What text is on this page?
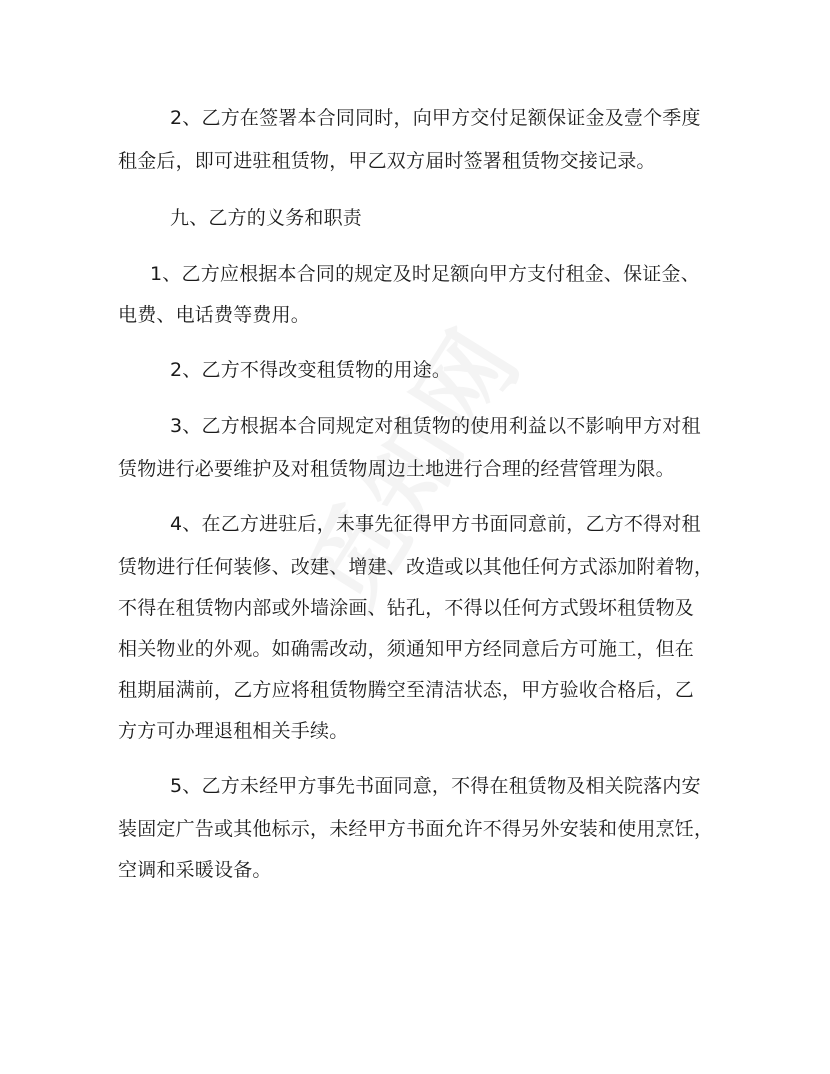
2、乙方在签署本合同同时，向甲方交付足额保证金及壹个季度

租金后，即可进驻租赁物，甲乙双方届时签署租赁物交接记录。

九、乙方的义务和职责

1、乙方应根据本合同的规定及时足额向甲方支付租金、保证金、

电费、电话费等费用。

2、乙方不得改变租赁物的用途。

3、乙方根据本合同规定对租赁物的使用利益以不影响甲方对租

赁物进行必要维护及对租赁物周边土地进行合理的经营管理为限。

4、在乙方进驻后，未事先征得甲方书面同意前，乙方不得对租

赁物进行任何装修、改建、增建、改造或以其他任何方式添加附着物，

不得在租赁物内部或外墙涂画、钻孔，不得以任何方式毁坏租赁物及

相关物业的外观。如确需改动，须通知甲方经同意后方可施工，但在

租期届满前，乙方应将租赁物腾空至清洁状态，甲方验收合格后，乙

方方可办理退租相关手续。

5、乙方未经甲方事先书面同意，不得在租赁物及相关院落内安

装固定广告或其他标示，未经甲方书面允许不得另外安装和使用烹饪，

空调和采暖设备。
